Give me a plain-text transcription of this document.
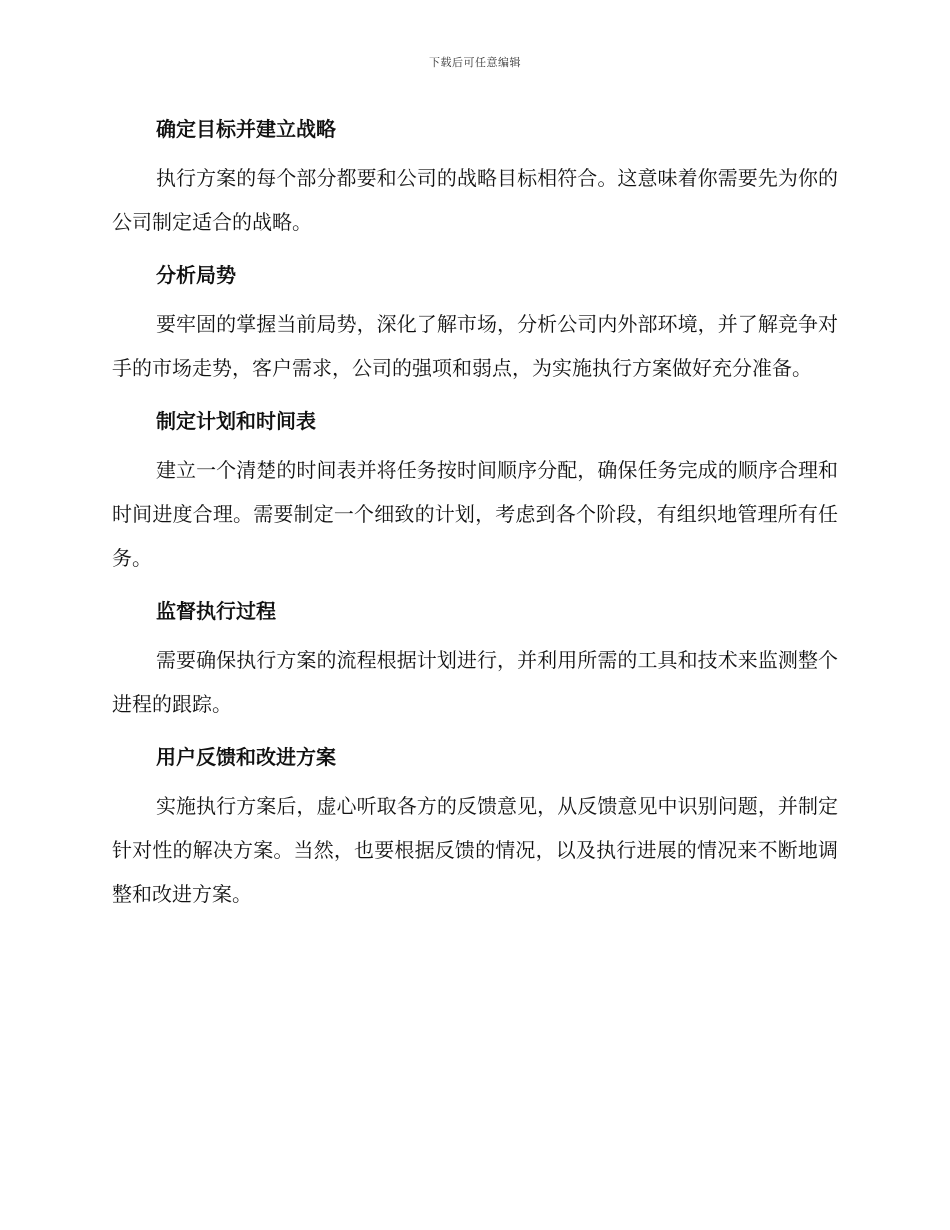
下载后可任意编辑
确定目标并建立战略

执行方案的每个部分都要和公司的战略目标相符合。这意味着你需要先为你的公司制定适合的战略。

分析局势

要牢固的掌握当前局势，深化了解市场，分析公司内外部环境，并了解竞争对手的市场走势，客户需求，公司的强项和弱点，为实施执行方案做好充分准备。

制定计划和时间表

建立一个清楚的时间表并将任务按时间顺序分配，确保任务完成的顺序合理和时间进度合理。需要制定一个细致的计划，考虑到各个阶段，有组织地管理所有任务。

监督执行过程

需要确保执行方案的流程根据计划进行，并利用所需的工具和技术来监测整个进程的跟踪。

用户反馈和改进方案

实施执行方案后，虚心听取各方的反馈意见，从反馈意见中识别问题，并制定针对性的解决方案。当然，也要根据反馈的情况，以及执行进展的情况来不断地调整和改进方案。
